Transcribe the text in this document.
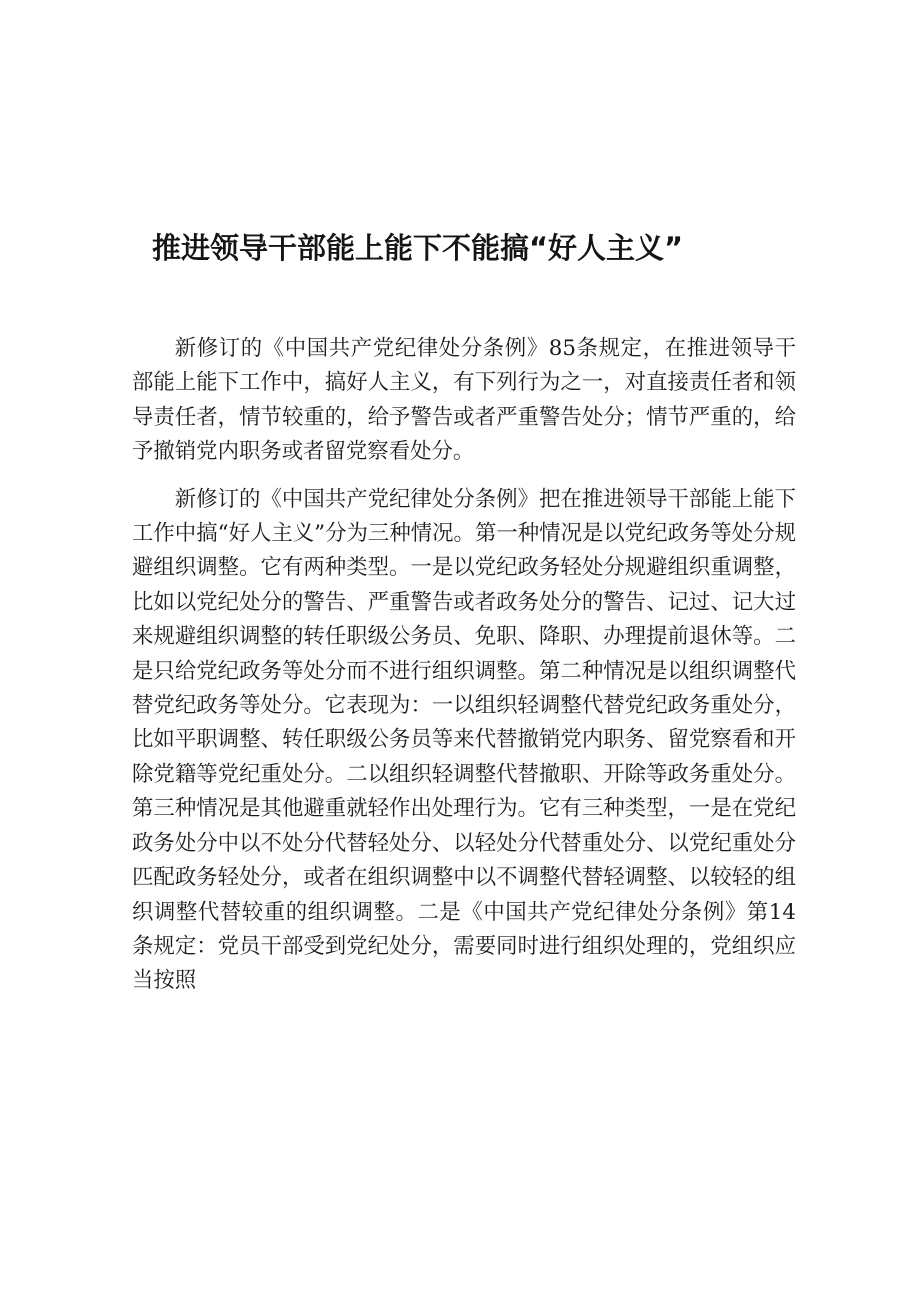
推进领导干部能上能下不能搞“好人主义”

新修订的《中国共产党纪律处分条例》85条规定，在推进领导干部能上能下工作中，搞好人主义，有下列行为之一，对直接责任者和领导责任者，情节较重的，给予警告或者严重警告处分；情节严重的，给予撤销党内职务或者留党察看处分。

新修订的《中国共产党纪律处分条例》把在推进领导干部能上能下工作中搞“好人主义”分为三种情况。第一种情况是以党纪政务等处分规避组织调整。它有两种类型。一是以党纪政务轻处分规避组织重调整，比如以党纪处分的警告、严重警告或者政务处分的警告、记过、记大过来规避组织调整的转任职级公务员、免职、降职、办理提前退休等。二是只给党纪政务等处分而不进行组织调整。第二种情况是以组织调整代替党纪政务等处分。它表现为：一以组织轻调整代替党纪政务重处分，比如平职调整、转任职级公务员等来代替撤销党内职务、留党察看和开除党籍等党纪重处分。二以组织轻调整代替撤职、开除等政务重处分。第三种情况是其他避重就轻作出处理行为。它有三种类型，一是在党纪政务处分中以不处分代替轻处分、以轻处分代替重处分、以党纪重处分匹配政务轻处分，或者在组织调整中以不调整代替轻调整、以较轻的组织调整代替较重的组织调整。二是《中国共产党纪律处分条例》第14条规定：党员干部受到党纪处分，需要同时进行组织处理的，党组织应当按照
